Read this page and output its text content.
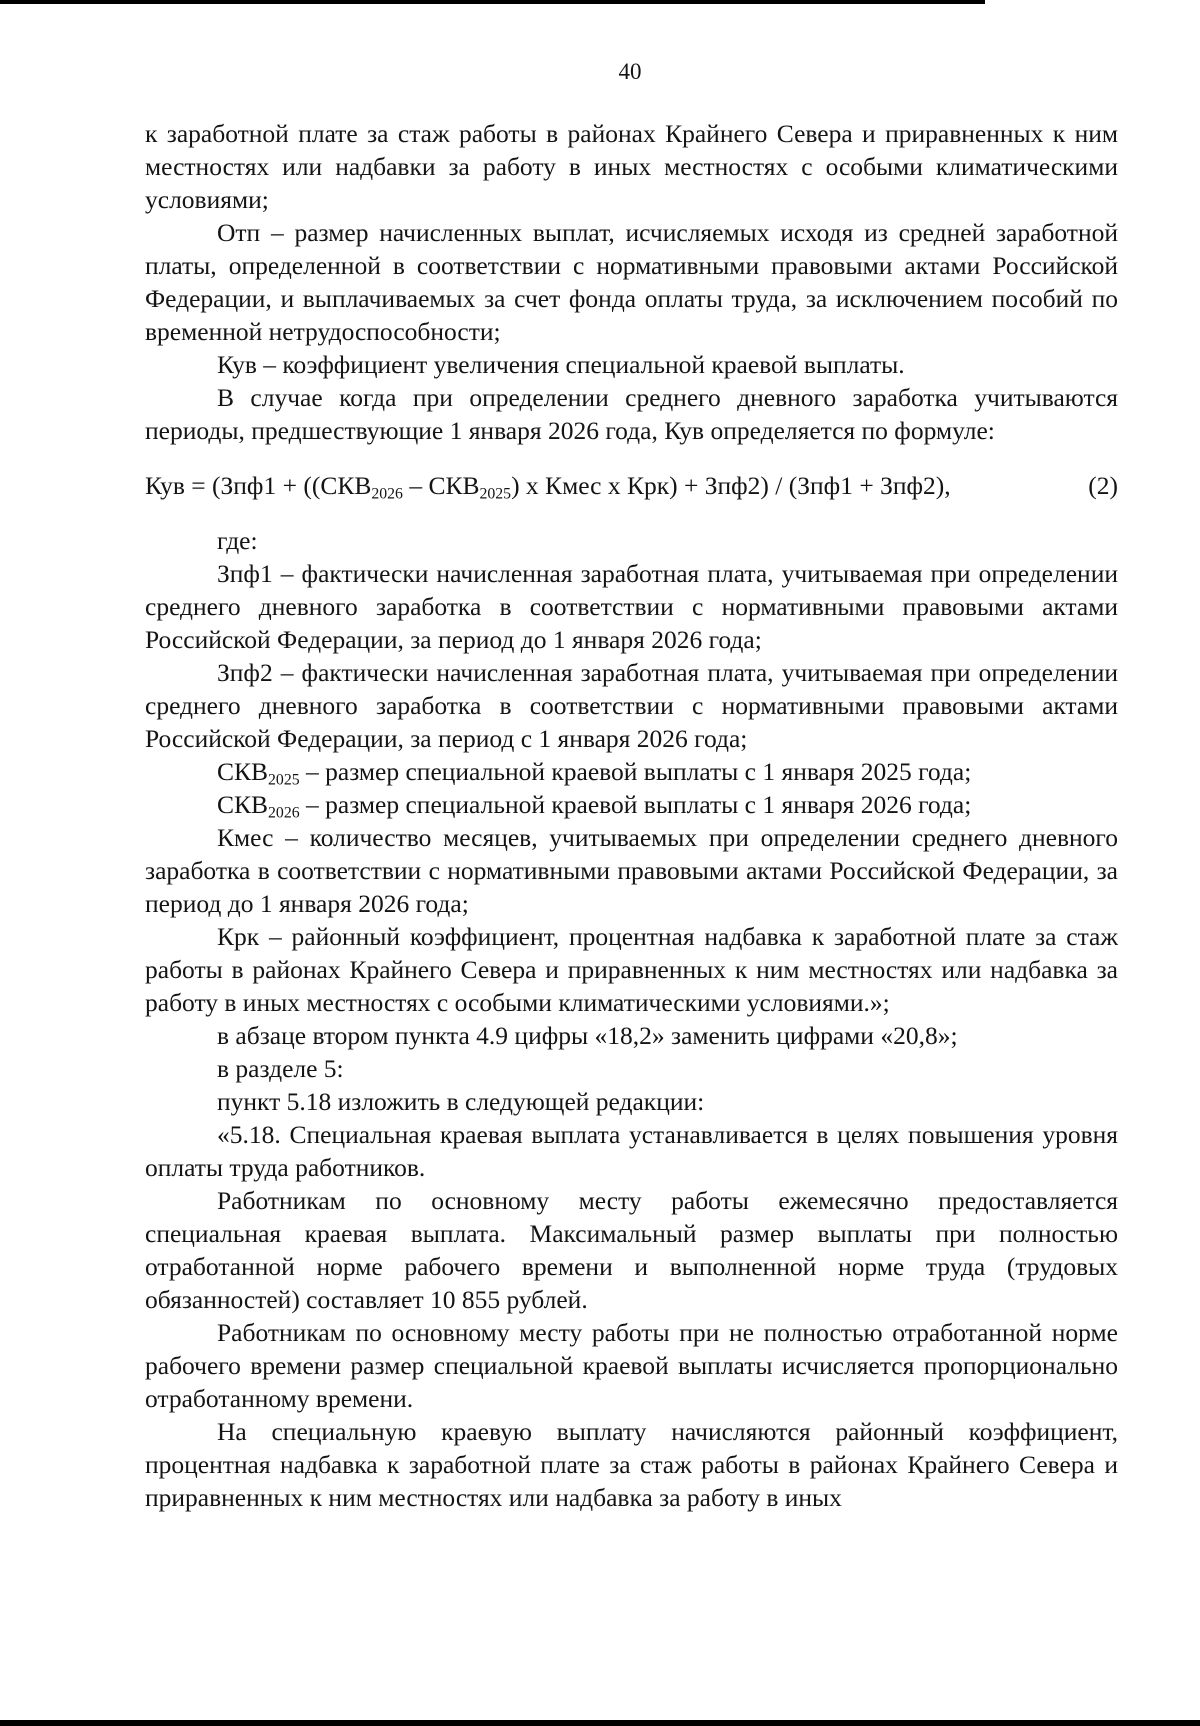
40

к заработной плате за стаж работы в районах Крайнего Севера и приравненных к ним местностях или надбавки за работу в иных местностях с особыми климатическими условиями;

Отп – размер начисленных выплат, исчисляемых исходя из средней заработной платы, определенной в соответствии с нормативными правовыми актами Российской Федерации, и выплачиваемых за счет фонда оплаты труда, за исключением пособий по временной нетрудоспособности;

Кув – коэффициент увеличения специальной краевой выплаты.

В случае когда при определении среднего дневного заработка учитываются периоды, предшествующие 1 января 2026 года, Кув определяется по формуле:

Кув = ($Зпф1 + ((СКВ_{2026} - СКВ_{2025})$ x Кмес x Крк) + Зпф2) / (Зпф1 + Зпф2),	(2)

где:

Зпф1 – фактически начисленная заработная плата, учитываемая при определении среднего дневного заработка в соответствии с нормативными правовыми актами Российской Федерации, за период до 1 января 2026 года;

Зпф2 – фактически начисленная заработная плата, учитываемая при определении среднего дневного заработка в соответствии с нормативными правовыми актами Российской Федерации, за период с 1 января 2026 года;

$СКВ_{2025}$ – размер специальной краевой выплаты с 1 января 2025 года;

$СКВ_{2026}$ – размер специальной краевой выплаты с 1 января 2026 года;

Кмес – количество месяцев, учитываемых при определении среднего дневного заработка в соответствии с нормативными правовыми актами Российской Федерации, за период до 1 января 2026 года;

Крк – районный коэффициент, процентная надбавка к заработной плате за стаж работы в районах Крайнего Севера и приравненных к ним местностях или надбавка за работу в иных местностях с особыми климатическими условиями.»;

в абзаце втором пункта 4.9 цифры «18,2» заменить цифрами «20,8»;

в разделе 5:

пункт 5.18 изложить в следующей редакции:

«5.18. Специальная краевая выплата устанавливается в целях повышения уровня оплаты труда работников.

Работникам по основному месту работы ежемесячно предоставляется специальная краевая выплата. Максимальный размер выплаты при полностью отработанной норме рабочего времени и выполненной норме труда (трудовых обязанностей) составляет 10 855 рублей.

Работникам по основному месту работы при не полностью отработанной норме рабочего времени размер специальной краевой выплаты исчисляется пропорционально отработанному времени.

На специальную краевую выплату начисляются районный коэффициент, процентная надбавка к заработной плате за стаж работы в районах Крайнего Севера и приравненных к ним местностях или надбавка за работу в иных
